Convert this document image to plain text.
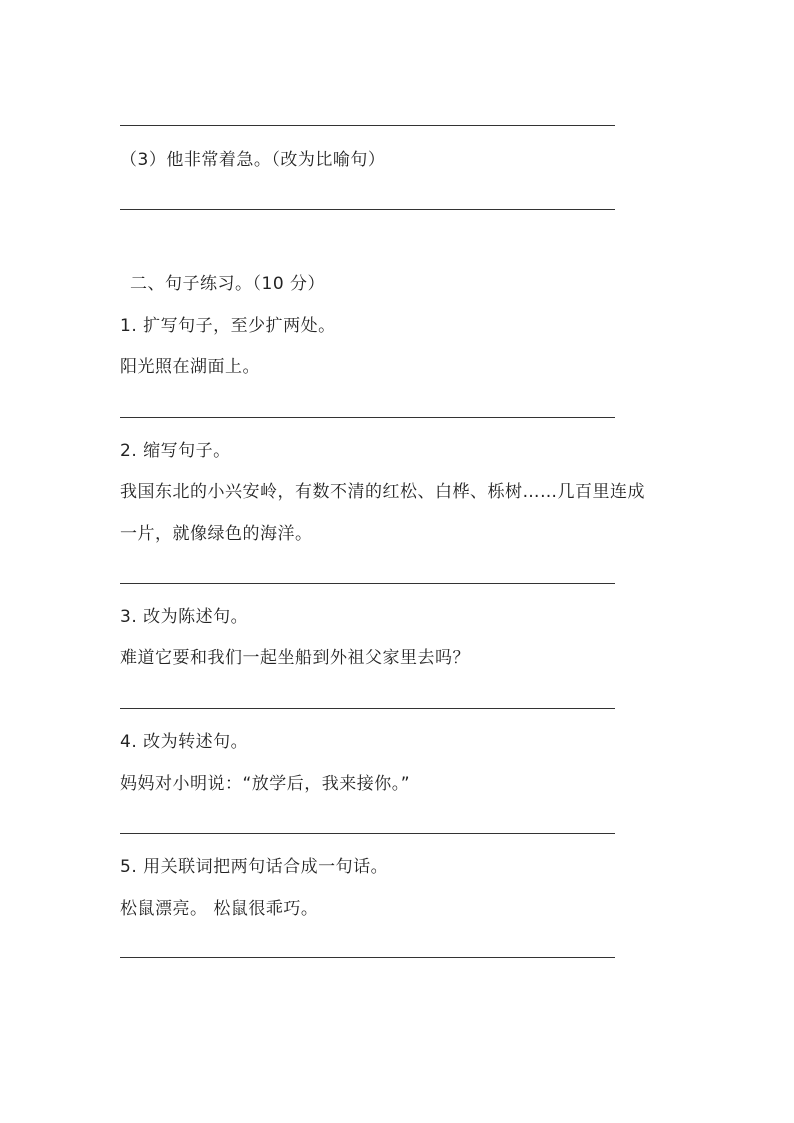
（3）他非常着急。（改为比喻句）
二、句子练习。（10 分）
1. 扩写句子，至少扩两处。
阳光照在湖面上。
2. 缩写句子。
我国东北的小兴安岭，有数不清的红松、白桦、栎树……几百里连成
一片，就像绿色的海洋。
3. 改为陈述句。
难道它要和我们一起坐船到外祖父家里去吗？
4. 改为转述句。
妈妈对小明说：“放学后，我来接你。”
5. 用关联词把两句话合成一句话。
松鼠漂亮。 松鼠很乖巧。
